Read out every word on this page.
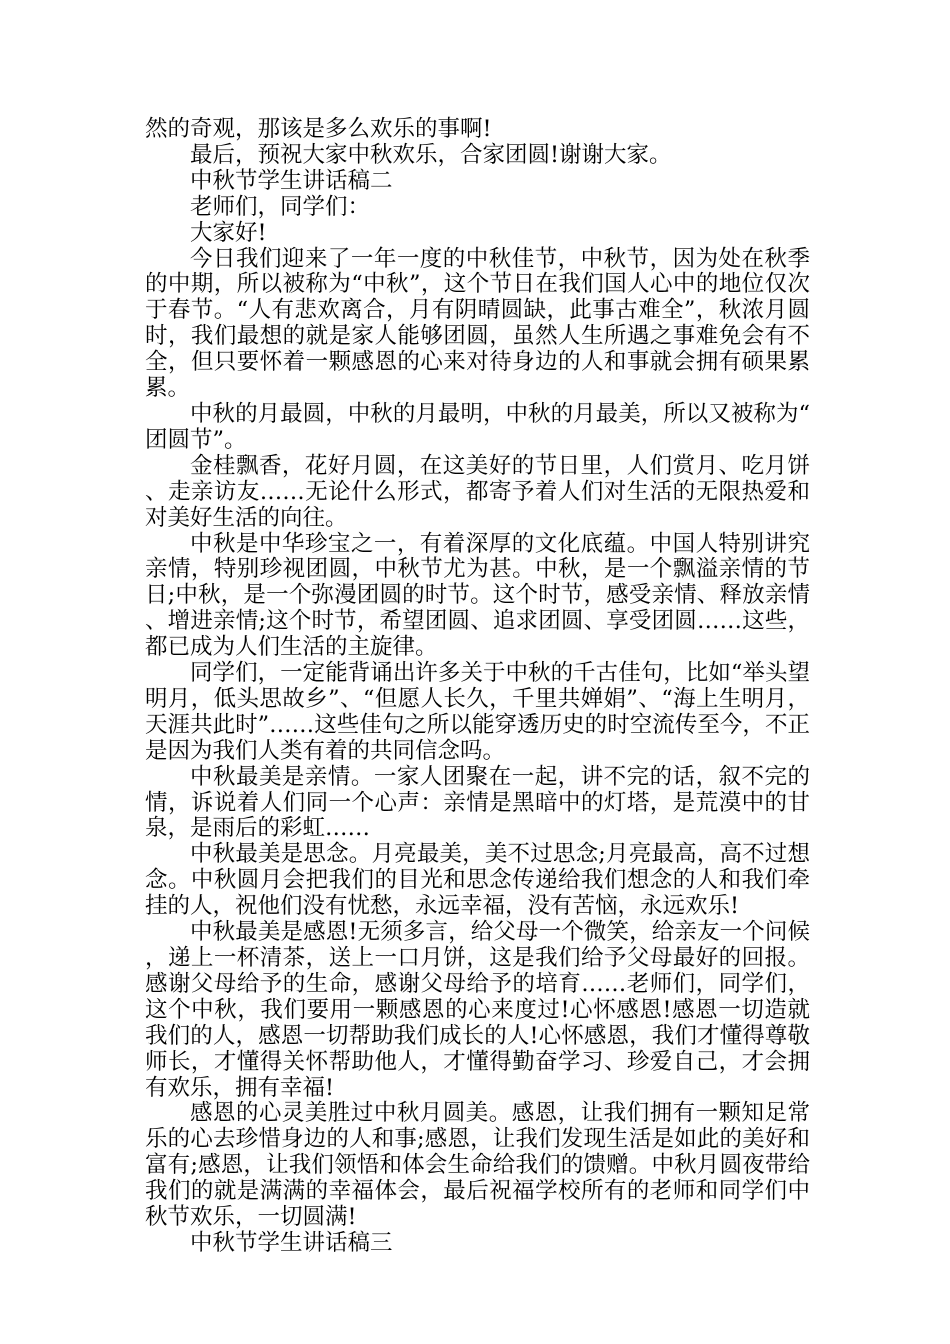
然的奇观，那该是多么欢乐的事啊!

最后，预祝大家中秋欢乐，合家团圆!谢谢大家。

中秋节学生讲话稿二

老师们，同学们：

大家好!

今日我们迎来了一年一度的中秋佳节，中秋节，因为处在秋季的中期，所以被称为“中秋”，这个节日在我们国人心中的地位仅次于春节。“人有悲欢离合，月有阴晴圆缺，此事古难全”，秋浓月圆时，我们最想的就是家人能够团圆，虽然人生所遇之事难免会有不全，但只要怀着一颗感恩的心来对待身边的人和事就会拥有硕果累累。

中秋的月最圆，中秋的月最明，中秋的月最美，所以又被称为“团圆节”。

金桂飘香，花好月圆，在这美好的节日里，人们赏月、吃月饼、走亲访友……无论什么形式，都寄予着人们对生活的无限热爱和对美好生活的向往。

中秋是中华珍宝之一，有着深厚的文化底蕴。中国人特别讲究亲情，特别珍视团圆，中秋节尤为甚。中秋，是一个飘溢亲情的节日;中秋，是一个弥漫团圆的时节。这个时节，感受亲情、释放亲情、增进亲情;这个时节，希望团圆、追求团圆、享受团圆……这些，都已成为人们生活的主旋律。

同学们，一定能背诵出许多关于中秋的千古佳句，比如“举头望明月，低头思故乡”、“但愿人长久，千里共婵娟”、“海上生明月，天涯共此时”……这些佳句之所以能穿透历史的时空流传至今，不正是因为我们人类有着的共同信念吗。

中秋最美是亲情。一家人团聚在一起，讲不完的话，叙不完的情，诉说着人们同一个心声：亲情是黑暗中的灯塔，是荒漠中的甘泉，是雨后的彩虹……

中秋最美是思念。月亮最美，美不过思念;月亮最高，高不过想念。中秋圆月会把我们的目光和思念传递给我们想念的人和我们牵挂的人，祝他们没有忧愁，永远幸福，没有苦恼，永远欢乐!

中秋最美是感恩!无须多言，给父母一个微笑，给亲友一个问候，递上一杯清茶，送上一口月饼，这是我们给予父母最好的回报。感谢父母给予的生命，感谢父母给予的培育……老师们，同学们，这个中秋，我们要用一颗感恩的心来度过!心怀感恩!感恩一切造就我们的人，感恩一切帮助我们成长的人!心怀感恩，我们才懂得尊敬师长，才懂得关怀帮助他人，才懂得勤奋学习、珍爱自己，才会拥有欢乐，拥有幸福!

感恩的心灵美胜过中秋月圆美。感恩，让我们拥有一颗知足常乐的心去珍惜身边的人和事;感恩，让我们发现生活是如此的美好和富有;感恩，让我们领悟和体会生命给我们的馈赠。中秋月圆夜带给我们的就是满满的幸福体会，最后祝福学校所有的老师和同学们中秋节欢乐，一切圆满!

中秋节学生讲话稿三
